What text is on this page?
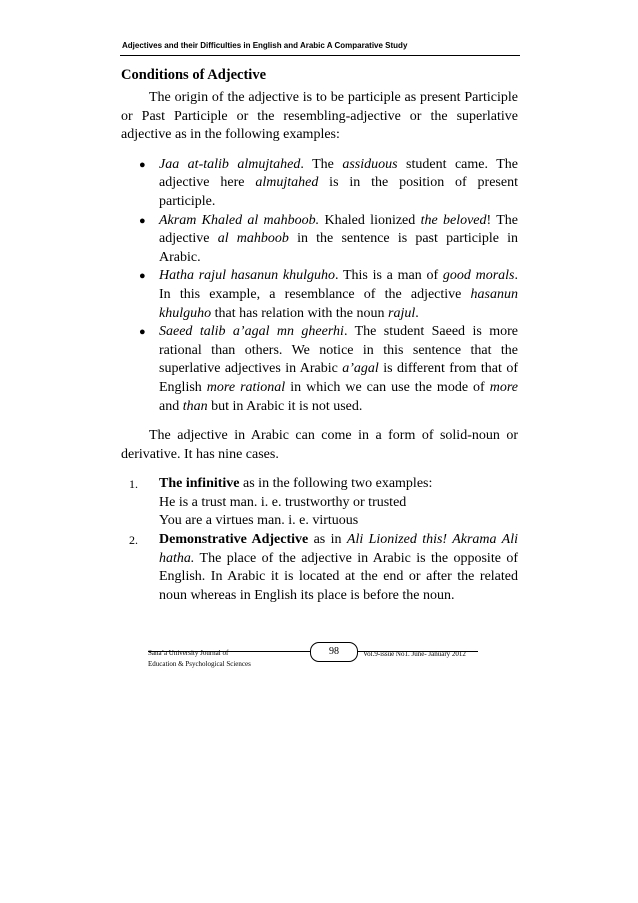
Adjectives and their Difficulties in English and Arabic A Comparative Study
Conditions of Adjective

The origin of the adjective is to be participle as present Participle or Past Participle or the resembling-adjective or the superlative adjective as in the following examples:

● Jaa at-talib almujtahed. The assiduous student came. The adjective here almujtahed is in the position of present participle.
● Akram Khaled al mahboob. Khaled lionized the beloved! The adjective al mahboob in the sentence is past participle in Arabic.
● Hatha rajul hasanun khulguho. This is a man of good morals. In this example, a resemblance of the adjective hasanun khulguho that has relation with the noun rajul.
● Saeed talib a’agal mn gheerhi. The student Saeed is more rational than others. We notice in this sentence that the superlative adjectives in Arabic a’agal is different from that of English more rational in which we can use the mode of more and than but in Arabic it is not used.

The adjective in Arabic can come in a form of solid-noun or derivative. It has nine cases.

1. The infinitive as in the following two examples:
He is a trust man. i. e. trustworthy or trusted
You are a virtues man. i. e. virtuous
2. Demonstrative Adjective as in Ali Lionized this! Akrama Ali hatha. The place of the adjective in Arabic is the opposite of English. In Arabic it is located at the end or after the related noun whereas in English its place is before the noun.
Sana’a University Journal of
Education & Psychological Sciences
98	Vol.9-issue No1. June- January 2012
